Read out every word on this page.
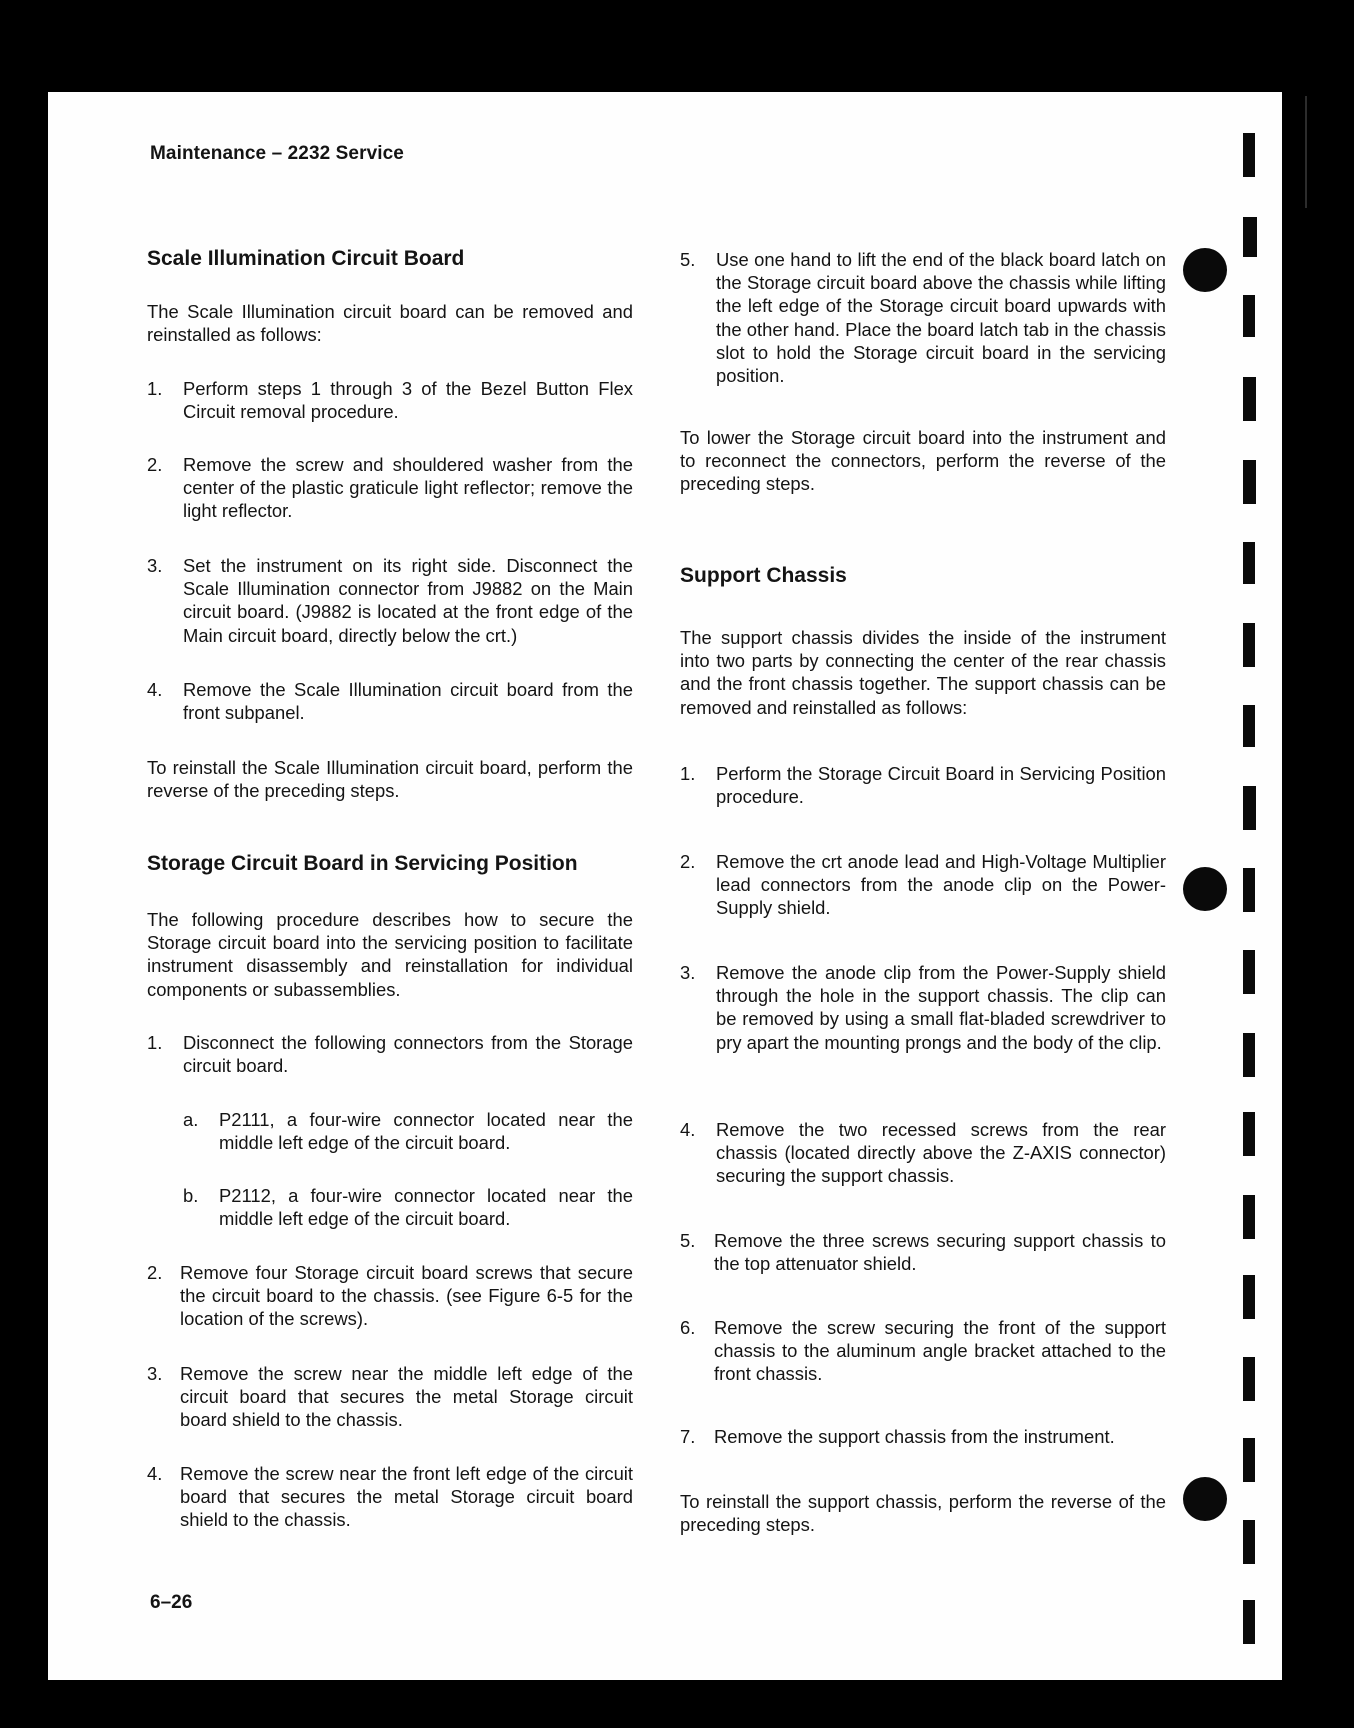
Maintenance – 2232 Service
Scale Illumination Circuit Board

The Scale Illumination circuit board can be removed and reinstalled as follows:

1. Perform steps 1 through 3 of the Bezel Button Flex Circuit removal procedure.
2. Remove the screw and shouldered washer from the center of the plastic graticule light reflector; remove the light reflector.
3. Set the instrument on its right side. Disconnect the Scale Illumination connector from J9882 on the Main circuit board. (J9882 is located at the front edge of the Main circuit board, directly below the crt.)
4. Remove the Scale Illumination circuit board from the front subpanel.

To reinstall the Scale Illumination circuit board, perform the reverse of the preceding steps.

Storage Circuit Board in Servicing Position

The following procedure describes how to secure the Storage circuit board into the servicing position to facilitate instrument disassembly and reinstallation for individual components or subassemblies.

1. Disconnect the following connectors from the Storage circuit board.
a. P2111, a four-wire connector located near the middle left edge of the circuit board.
b. P2112, a four-wire connector located near the middle left edge of the circuit board.
2. Remove four Storage circuit board screws that secure the circuit board to the chassis. (see Figure 6-5 for the location of the screws).
3. Remove the screw near the middle left edge of the circuit board that secures the metal Storage circuit board shield to the chassis.
4. Remove the screw near the front left edge of the circuit board that secures the metal Storage circuit board shield to the chassis.
5. Use one hand to lift the end of the black board latch on the Storage circuit board above the chassis while lifting the left edge of the Storage circuit board upwards with the other hand. Place the board latch tab in the chassis slot to hold the Storage circuit board in the servicing position.

To lower the Storage circuit board into the instrument and to reconnect the connectors, perform the reverse of the preceding steps.

Support Chassis

The support chassis divides the inside of the instrument into two parts by connecting the center of the rear chassis and the front chassis together. The support chassis can be removed and reinstalled as follows:

1. Perform the Storage Circuit Board in Servicing Position procedure.
2. Remove the crt anode lead and High-Voltage Multiplier lead connectors from the anode clip on the Power-Supply shield.
3. Remove the anode clip from the Power-Supply shield through the hole in the support chassis. The clip can be removed by using a small flat-bladed screwdriver to pry apart the mounting prongs and the body of the clip.
4. Remove the two recessed screws from the rear chassis (located directly above the Z-AXIS connector) securing the support chassis.
5. Remove the three screws securing support chassis to the top attenuator shield.
6. Remove the screw securing the front of the support chassis to the aluminum angle bracket attached to the front chassis.
7. Remove the support chassis from the instrument.

To reinstall the support chassis, perform the reverse of the preceding steps.

6–26
